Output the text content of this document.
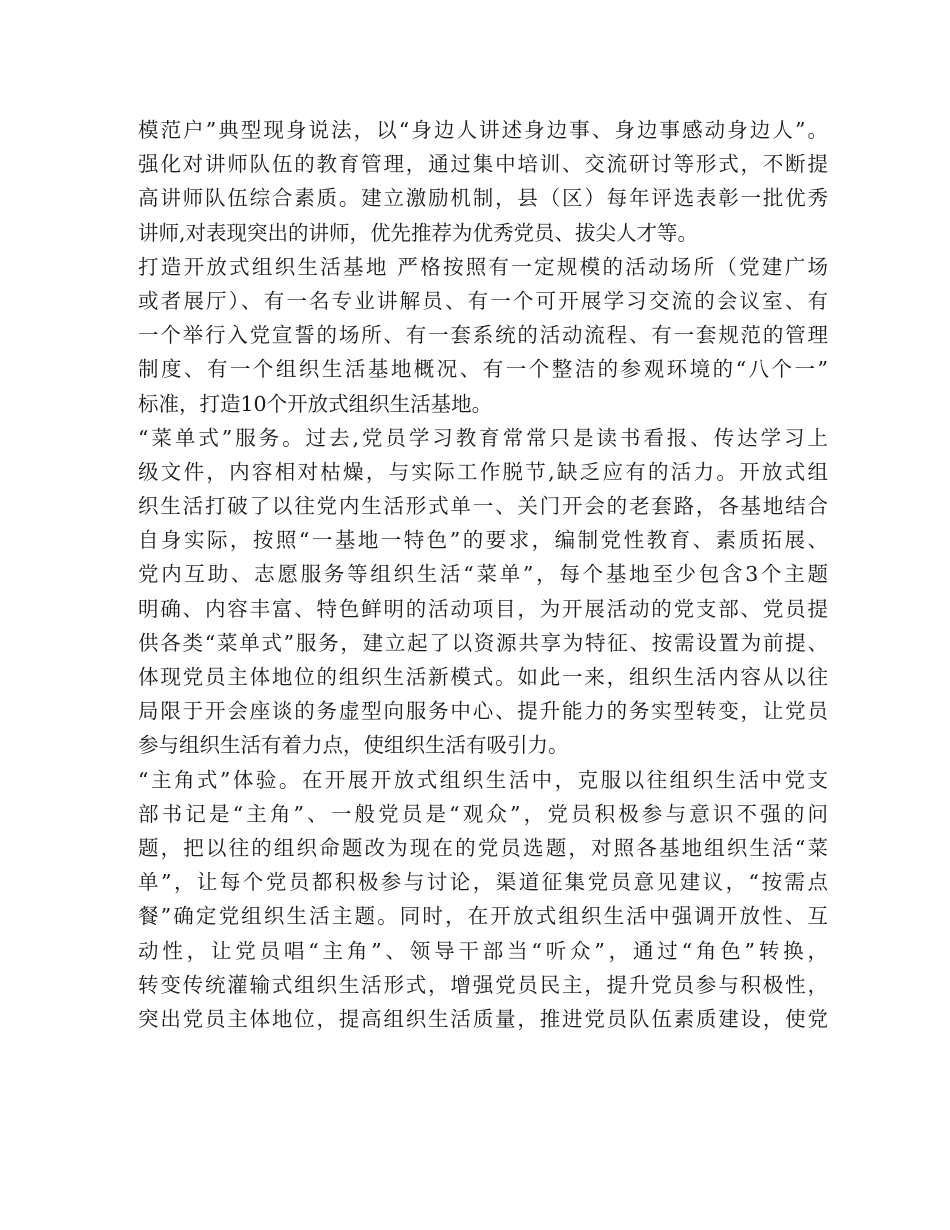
模范户”典型现身说法，以“身边人讲述身边事、身边事感动身边人”。
强化对讲师队伍的教育管理，通过集中培训、交流研讨等形式，不断提
高讲师队伍综合素质。建立激励机制，县（区）每年评选表彰一批优秀
讲师,对表现突出的讲师，优先推荐为优秀党员、拔尖人才等。
打造开放式组织生活基地 严格按照有一定规模的活动场所（党建广场
或者展厅）、有一名专业讲解员、有一个可开展学习交流的会议室、有
一个举行入党宣誓的场所、有一套系统的活动流程、有一套规范的管理
制度、有一个组织生活基地概况、有一个整洁的参观环境的“八个一”
标准，打造10个开放式组织生活基地。
“菜单式”服务。过去,党员学习教育常常只是读书看报、传达学习上
级文件，内容相对枯燥，与实际工作脱节,缺乏应有的活力。开放式组
织生活打破了以往党内生活形式单一、关门开会的老套路，各基地结合
自身实际，按照“一基地一特色”的要求，编制党性教育、素质拓展、
党内互助、志愿服务等组织生活“菜单”，每个基地至少包含3个主题
明确、内容丰富、特色鲜明的活动项目，为开展活动的党支部、党员提
供各类“菜单式”服务，建立起了以资源共享为特征、按需设置为前提、
体现党员主体地位的组织生活新模式。如此一来，组织生活内容从以往
局限于开会座谈的务虚型向服务中心、提升能力的务实型转变，让党员
参与组织生活有着力点，使组织生活有吸引力。
“主角式”体验。在开展开放式组织生活中，克服以往组织生活中党支
部书记是“主角”、一般党员是“观众”，党员积极参与意识不强的问
题，把以往的组织命题改为现在的党员选题，对照各基地组织生活“菜
单”，让每个党员都积极参与讨论，渠道征集党员意见建议，“按需点
餐”确定党组织生活主题。同时，在开放式组织生活中强调开放性、互
动性，让党员唱“主角”、领导干部当“听众”，通过“角色”转换，
转变传统灌输式组织生活形式，增强党员民主，提升党员参与积极性，
突出党员主体地位，提高组织生活质量，推进党员队伍素质建设，使党
